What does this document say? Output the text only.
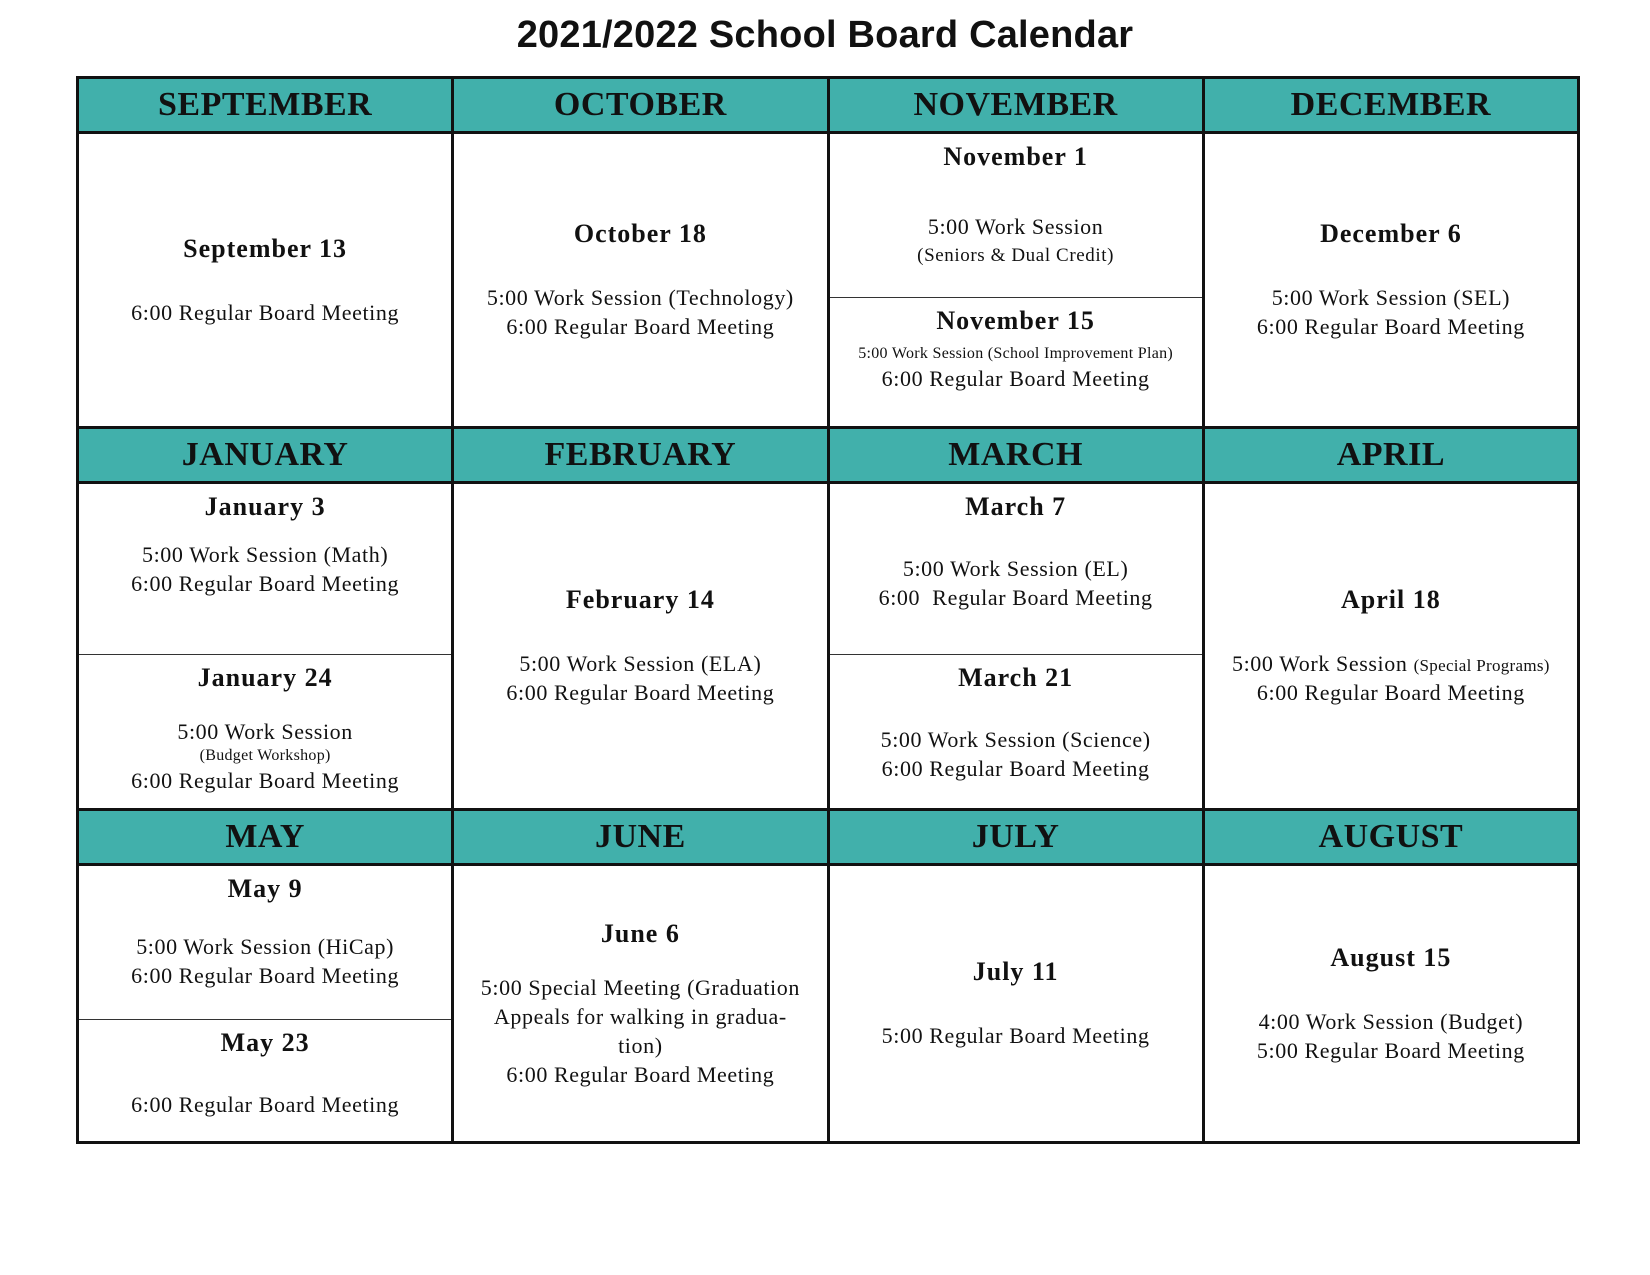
2021/2022 School Board Calendar
SEPTEMBER	OCTOBER	NOVEMBER	DECEMBER
September 13
6:00 Regular Board Meeting
October 18
5:00 Work Session (Technology)
6:00 Regular Board Meeting
November 1
5:00 Work Session
(Seniors & Dual Credit)
November 15
5:00 Work Session (School Improvement Plan)
6:00 Regular Board Meeting
December 6
5:00 Work Session (SEL)
6:00 Regular Board Meeting
JANUARY	FEBRUARY	MARCH	APRIL
January 3
5:00 Work Session (Math)
6:00 Regular Board Meeting
January 24
5:00 Work Session
(Budget Workshop)
6:00 Regular Board Meeting
February 14
5:00 Work Session (ELA)
6:00 Regular Board Meeting
March 7
5:00 Work Session (EL)
6:00  Regular Board Meeting
March 21
5:00 Work Session (Science)
6:00 Regular Board Meeting
April 18
5:00 Work Session (Special Programs)
6:00 Regular Board Meeting
MAY	JUNE	JULY	AUGUST
May 9
5:00 Work Session (HiCap)
6:00 Regular Board Meeting
May 23
6:00 Regular Board Meeting
June 6
5:00 Special Meeting (Graduation
Appeals for walking in gradua-
tion)
6:00 Regular Board Meeting
July 11
5:00 Regular Board Meeting
August 15
4:00 Work Session (Budget)
5:00 Regular Board Meeting
